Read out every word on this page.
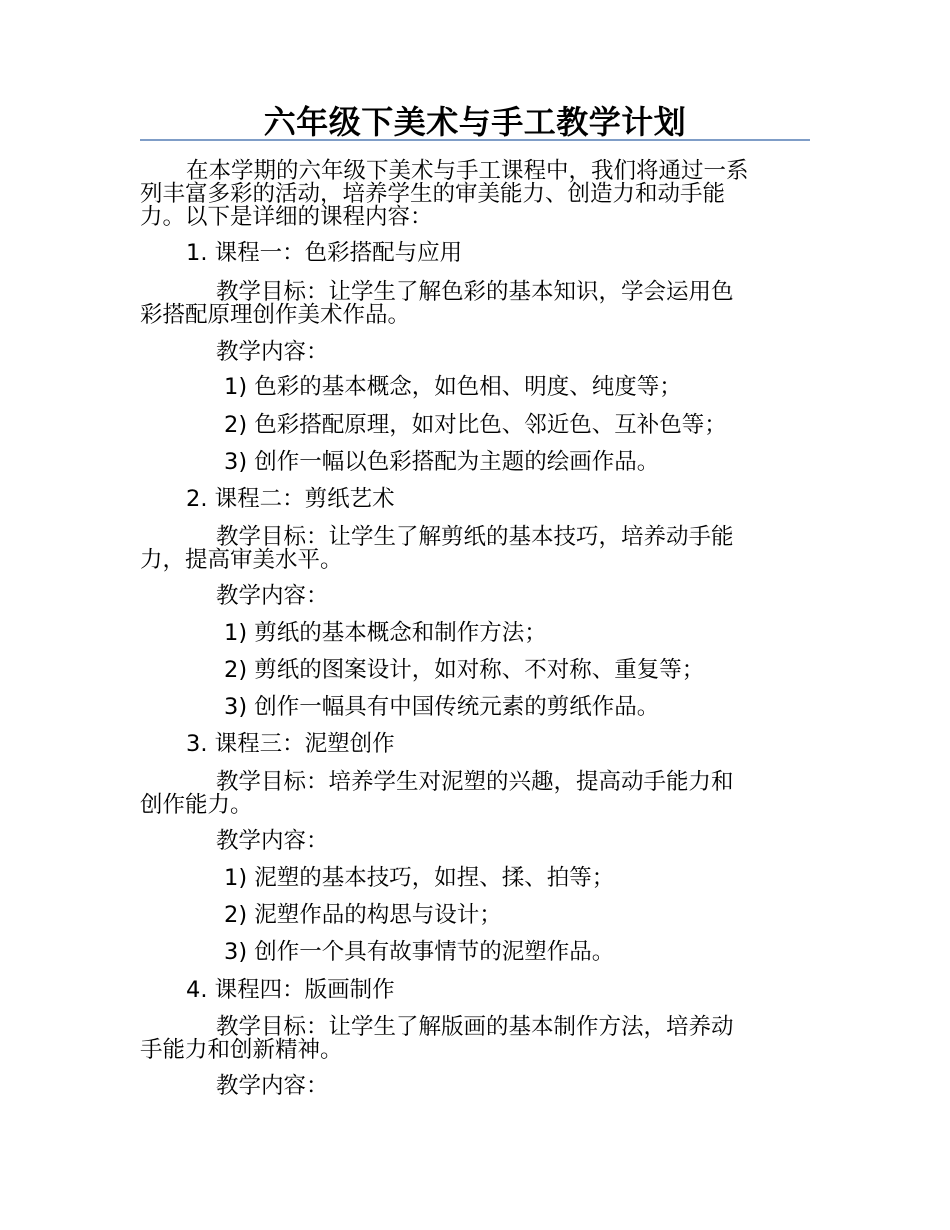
六年级下美术与手工教学计划
在本学期的六年级下美术与手工课程中，我们将通过一系
列丰富多彩的活动，培养学生的审美能力、创造力和动手能
力。以下是详细的课程内容：
1. 课程一：色彩搭配与应用
教学目标：让学生了解色彩的基本知识，学会运用色
彩搭配原理创作美术作品。
教学内容：
1) 色彩的基本概念，如色相、明度、纯度等；
2) 色彩搭配原理，如对比色、邻近色、互补色等；
3) 创作一幅以色彩搭配为主题的绘画作品。
2. 课程二：剪纸艺术
教学目标：让学生了解剪纸的基本技巧，培养动手能
力，提高审美水平。
教学内容：
1) 剪纸的基本概念和制作方法；
2) 剪纸的图案设计，如对称、不对称、重复等；
3) 创作一幅具有中国传统元素的剪纸作品。
3. 课程三：泥塑创作
教学目标：培养学生对泥塑的兴趣，提高动手能力和
创作能力。
教学内容：
1) 泥塑的基本技巧，如捏、揉、拍等；
2) 泥塑作品的构思与设计；
3) 创作一个具有故事情节的泥塑作品。
4. 课程四：版画制作
教学目标：让学生了解版画的基本制作方法，培养动
手能力和创新精神。
教学内容：
